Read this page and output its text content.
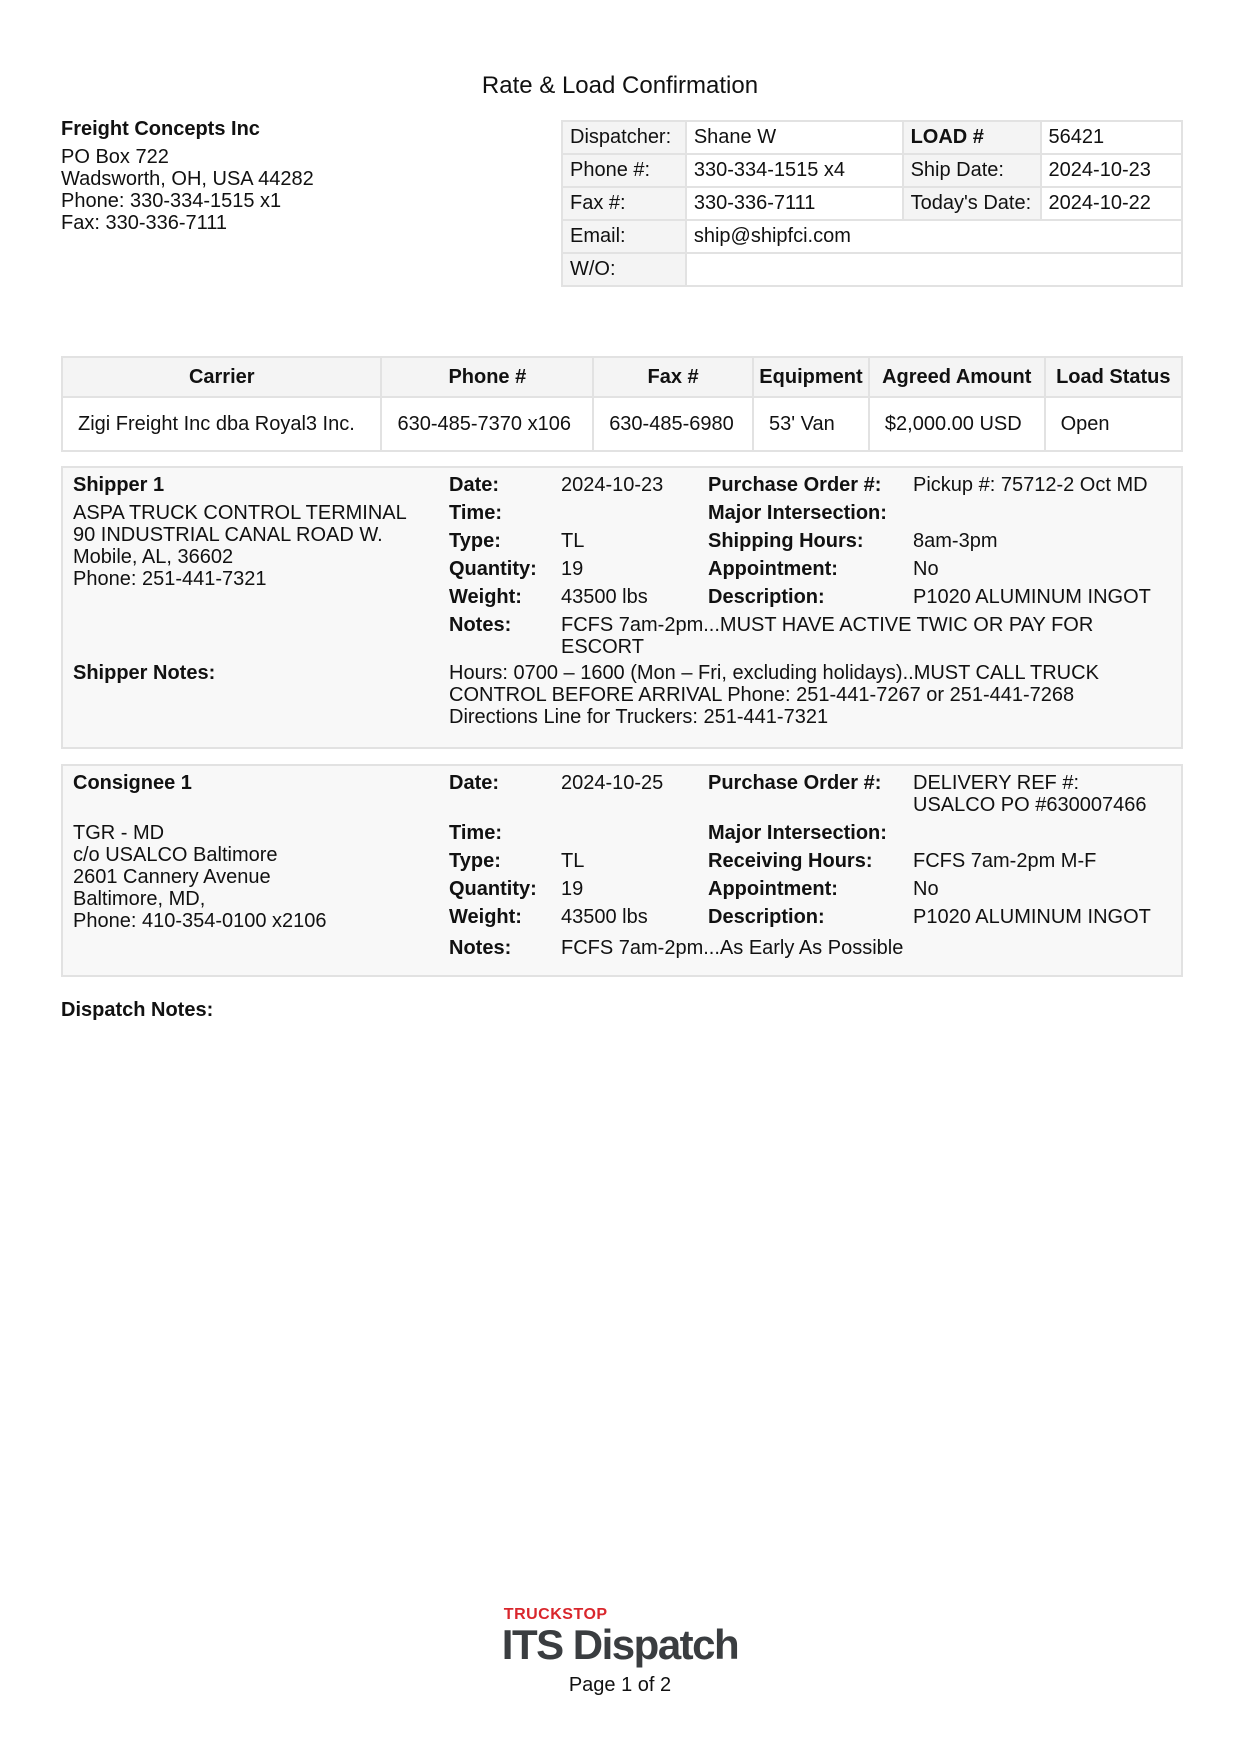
Rate & Load Confirmation
Freight Concepts Inc
PO Box 722
Wadsworth, OH, USA 44282
Phone: 330-334-1515 x1
Fax: 330-336-7111
Dispatcher:	Shane W	LOAD #	56421
Phone #:	330-334-1515 x4	Ship Date:	2024-10-23
Fax #:	330-336-7111	Today's Date:	2024-10-22
Email:	ship@shipfci.com		
W/O:			
Carrier	Phone #	Fax #	Equipment	Agreed Amount	Load Status
Zigi Freight Inc dba Royal3 Inc.	630-485-7370 x106	630-485-6980	53' Van	$2,000.00 USD	Open
Shipper 1
ASPA TRUCK CONTROL TERMINAL
90 INDUSTRIAL CANAL ROAD W.
Mobile, AL, 36602
Phone: 251-441-7321
Date:	2024-10-23
Time:
Type:	TL
Quantity: 19
Weight: 43500 lbs
Notes: FCFS 7am-2pm...MUST HAVE ACTIVE TWIC OR PAY FOR ESCORT
Purchase Order #: Pickup #: 75712-2 Oct MD
Major Intersection:
Shipping Hours: 8am-3pm
Appointment:	No
Description:	P1020 ALUMINUM INGOT
Shipper Notes:	Hours: 0700 – 1600 (Mon – Fri, excluding holidays)..MUST CALL TRUCK CONTROL BEFORE ARRIVAL Phone: 251-441-7267 or 251-441-7268 Directions Line for Truckers: 251-441-7321
Consignee 1
TGR - MD
c/o USALCO Baltimore
2601 Cannery Avenue
Baltimore, MD,
Phone: 410-354-0100 x2106
Date:	2024-10-25
Time:
Type:	TL
Quantity: 19
Weight: 43500 lbs
Notes: FCFS 7am-2pm...As Early As Possible
Purchase Order #: DELIVERY REF #:
USALCO PO #630007466
Major Intersection:
Receiving Hours: FCFS 7am-2pm M-F
Appointment:	No
Description:	P1020 ALUMINUM INGOT
Dispatch Notes:
TRUCKSTOP
ITS Dispatch
Page 1 of 2
